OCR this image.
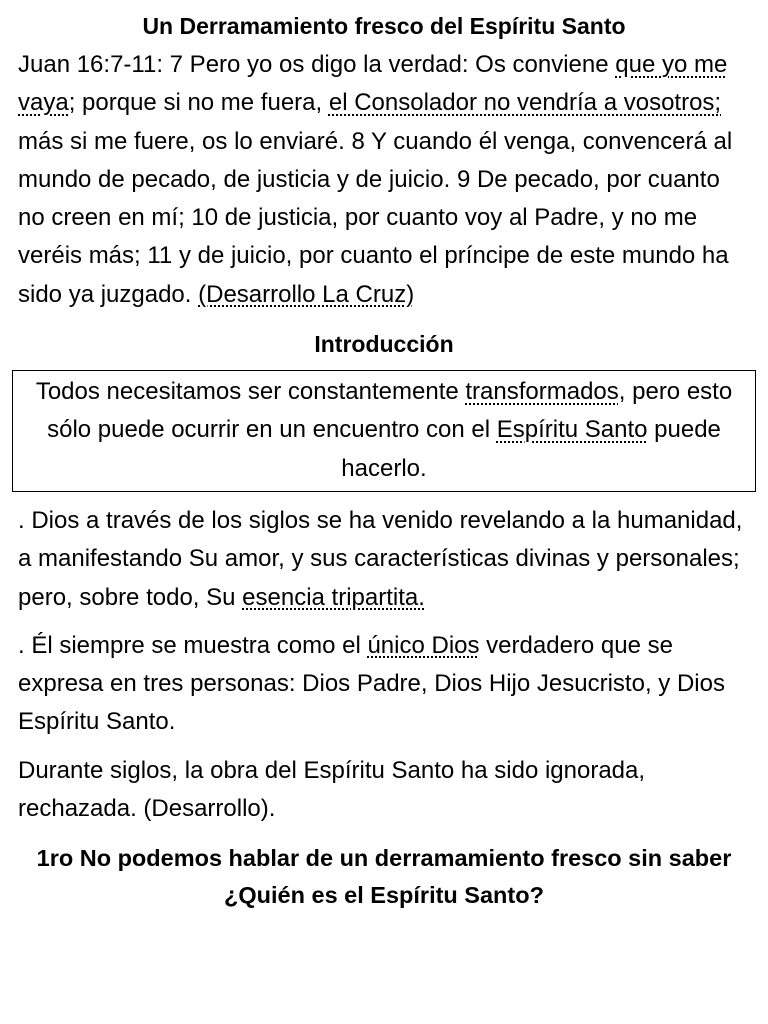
Un Derramamiento fresco del Espíritu Santo

Juan 16:7-11: 7 Pero yo os digo la verdad: Os conviene que yo me vaya; porque si no me fuera, el Consolador no vendría a vosotros; más si me fuere, os lo enviaré. 8 Y cuando él venga, convencerá al mundo de pecado, de justicia y de juicio. 9 De pecado, por cuanto no creen en mí; 10 de justicia, por cuanto voy al Padre, y no me veréis más; 11 y de juicio, por cuanto el príncipe de este mundo ha sido ya juzgado. (Desarrollo La Cruz)

Introducción
Todos necesitamos ser constantemente transformados, pero esto sólo puede ocurrir en un encuentro con el Espíritu Santo puede hacerlo.

. Dios a través de los siglos se ha venido revelando a la humanidad, a manifestando Su amor, y sus características divinas y personales; pero, sobre todo, Su esencia tripartita.

. Él siempre se muestra como el único Dios verdadero que se expresa en tres personas: Dios Padre, Dios Hijo Jesucristo, y Dios Espíritu Santo.

Durante siglos, la obra del Espíritu Santo ha sido ignorada, rechazada. (Desarrollo).

1ro No podemos hablar de un derramamiento fresco sin saber ¿Quién es el Espíritu Santo?
